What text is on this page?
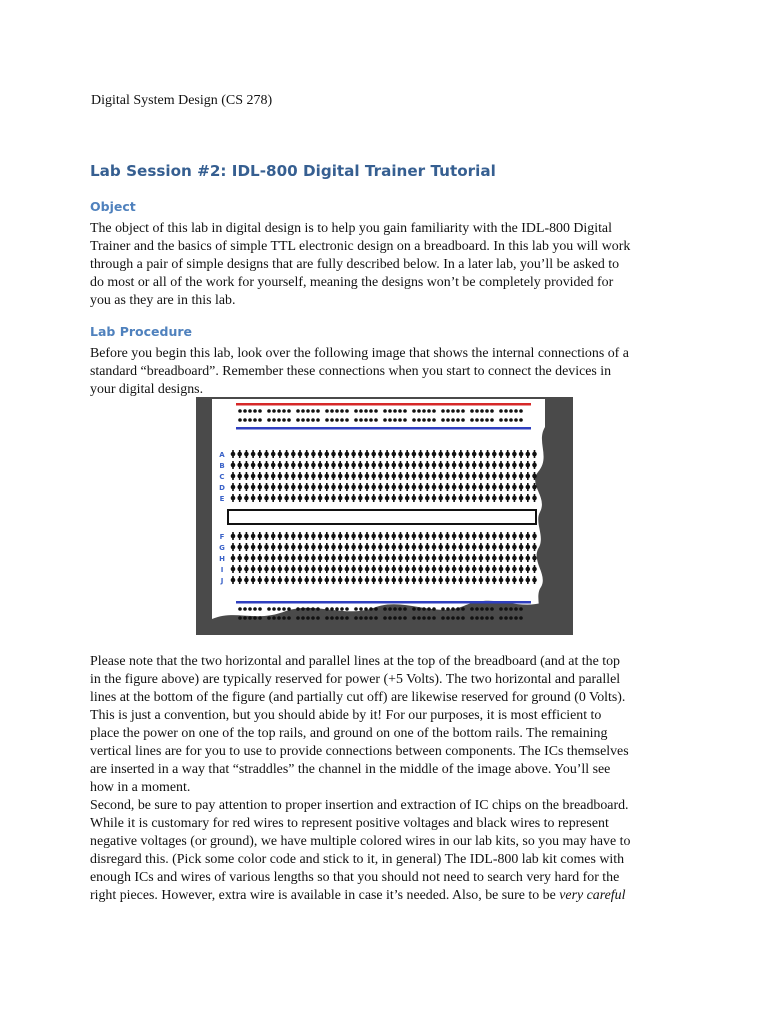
Digital System Design (CS 278)
Lab Session #2: IDL-800 Digital Trainer Tutorial
Object
The object of this lab in digital design is to help you gain familiarity with the IDL-800 Digital
Trainer and the basics of simple TTL electronic design on a breadboard. In this lab you will work
through a pair of simple designs that are fully described below. In a later lab, you’ll be asked to
do most or all of the work for yourself, meaning the designs won’t be completely provided for
you as they are in this lab.
Lab Procedure
Before you begin this lab, look over the following image that shows the internal connections of a
standard “breadboard”. Remember these connections when you start to connect the devices in
your digital designs.
A
B
C
D
E
F
G
H
I
J
Please note that the two horizontal and parallel lines at the top of the breadboard (and at the top
in the figure above) are typically reserved for power (+5 Volts). The two horizontal and parallel
lines at the bottom of the figure (and partially cut off) are likewise reserved for ground (0 Volts).
This is just a convention, but you should abide by it! For our purposes, it is most efficient to
place the power on one of the top rails, and ground on one of the bottom rails. The remaining
vertical lines are for you to use to provide connections between components. The ICs themselves
are inserted in a way that “straddles” the channel in the middle of the image above. You’ll see
how in a moment.
Second, be sure to pay attention to proper insertion and extraction of IC chips on the breadboard.
While it is customary for red wires to represent positive voltages and black wires to represent
negative voltages (or ground), we have multiple colored wires in our lab kits, so you may have to
disregard this. (Pick some color code and stick to it, in general) The IDL-800 lab kit comes with
enough ICs and wires of various lengths so that you should not need to search very hard for the
right pieces. However, extra wire is available in case it’s needed. Also, be sure to be very careful
